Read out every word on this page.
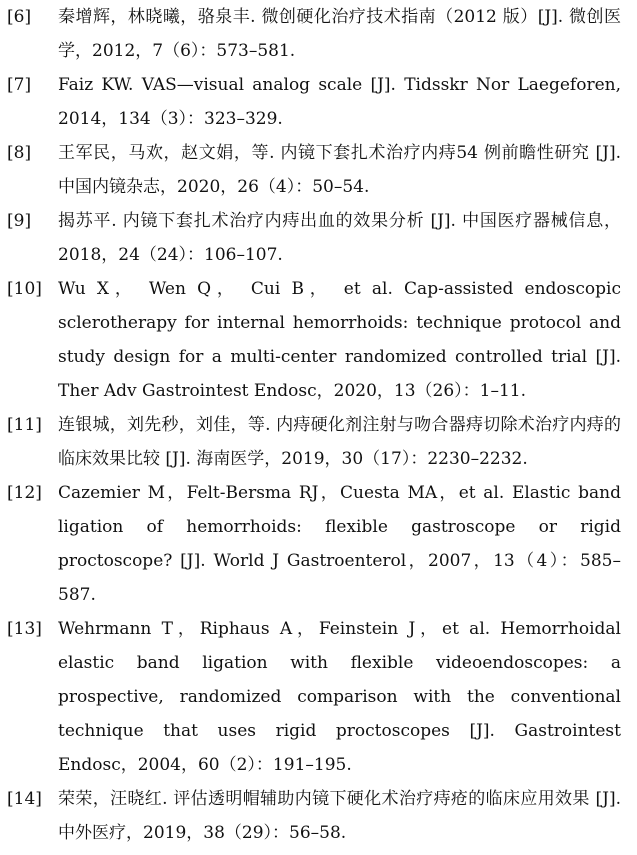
[6] 秦增辉，林晓曦，骆泉丰. 微创硬化治疗技术指南（2012 版）[J]. 微创医学，2012，7（6）：573–581.
[7] Faiz KW. VAS—visual analog scale [J]. Tidsskr Nor Laegeforen, 2014，134（3）：323–329.
[8] 王军民，马欢，赵文娟，等. 内镜下套扎术治疗内痔54 例前瞻性研究 [J]. 中国内镜杂志，2020，26（4）：50–54.
[9] 揭苏平. 内镜下套扎术治疗内痔出血的效果分析 [J]. 中国医疗器械信息，2018，24（24）：106–107.
[10] Wu X， Wen Q， Cui B， et al. Cap-assisted endoscopic sclerotherapy for internal hemorrhoids: technique protocol and study design for a multi-center randomized controlled trial [J]. Ther Adv Gastrointest Endosc，2020，13（26）：1–11.
[11] 连银城，刘先秒，刘佳，等. 内痔硬化剂注射与吻合器痔切除术治疗内痔的临床效果比较 [J]. 海南医学，2019，30（17）：2230–2232.
[12] Cazemier M，Felt-Bersma RJ，Cuesta MA，et al. Elastic band ligation of hemorrhoids: flexible gastroscope or rigid proctoscope? [J]. World J Gastroenterol，2007，13（4）：585–587.
[13] Wehrmann T，Riphaus A，Feinstein J，et al. Hemorrhoidal elastic band ligation with flexible videoendoscopes: a prospective, randomized comparison with the conventional technique that uses rigid proctoscopes [J]. Gastrointest Endosc，2004，60（2）：191–195.
[14] 荣荣，汪晓红. 评估透明帽辅助内镜下硬化术治疗痔疮的临床应用效果 [J]. 中外医疗，2019，38（29）：56–58.
